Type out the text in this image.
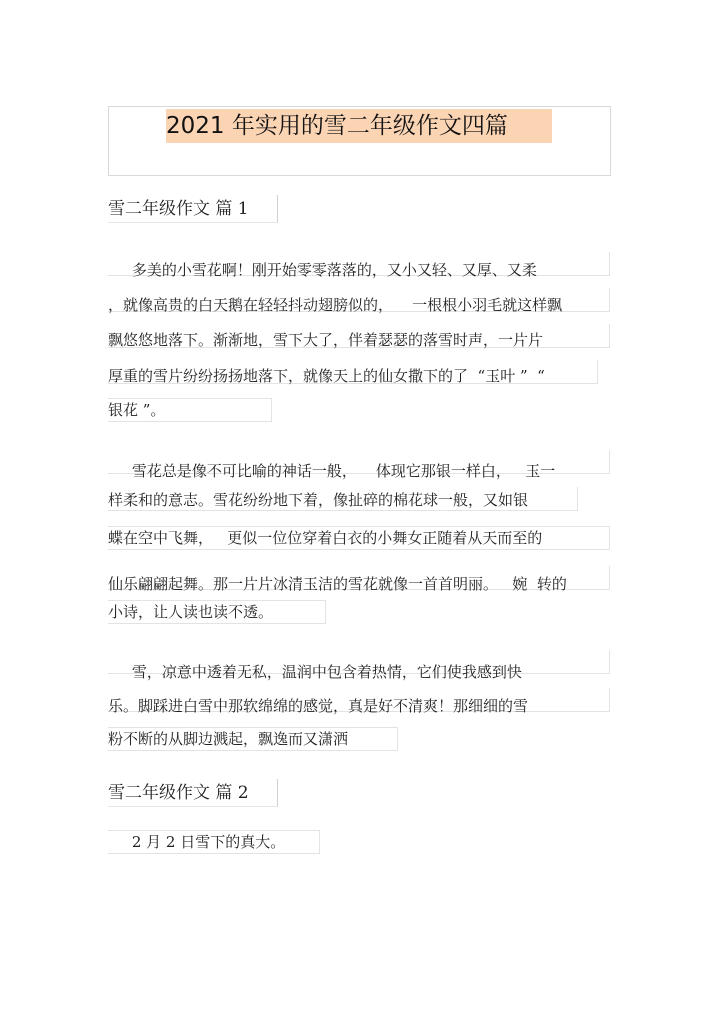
2021 年实用的雪二年级作文四篇
雪二年级作文 篇 1
多美的小雪花啊！刚开始零零落落的，又小又轻、又厚、又柔
，就像高贵的白天鹅在轻轻抖动翅膀似的，    一根根小羽毛就这样飘
飘悠悠地落下。渐渐地，雪下大了，伴着瑟瑟的落雪时声，一片片
厚重的雪片纷纷扬扬地落下，就像天上的仙女撒下的了  “玉叶 ”  “
银花 ”。
雪花总是像不可比喻的神话一般，    体现它那银一样白，   玉一
样柔和的意志。雪花纷纷地下着，像扯碎的棉花球一般，又如银
蝶在空中飞舞，   更似一位位穿着白衣的小舞女正随着从天而至的
仙乐翩翩起舞。那一片片冰清玉洁的雪花就像一首首明丽。   婉  转的
小诗，让人读也读不透。
雪，凉意中透着无私，温润中包含着热情，它们使我感到快
乐。脚踩进白雪中那软绵绵的感觉，真是好不清爽！那细细的雪
粉不断的从脚边溅起，飘逸而又潇洒
雪二年级作文 篇 2
2 月 2 日雪下的真大。
